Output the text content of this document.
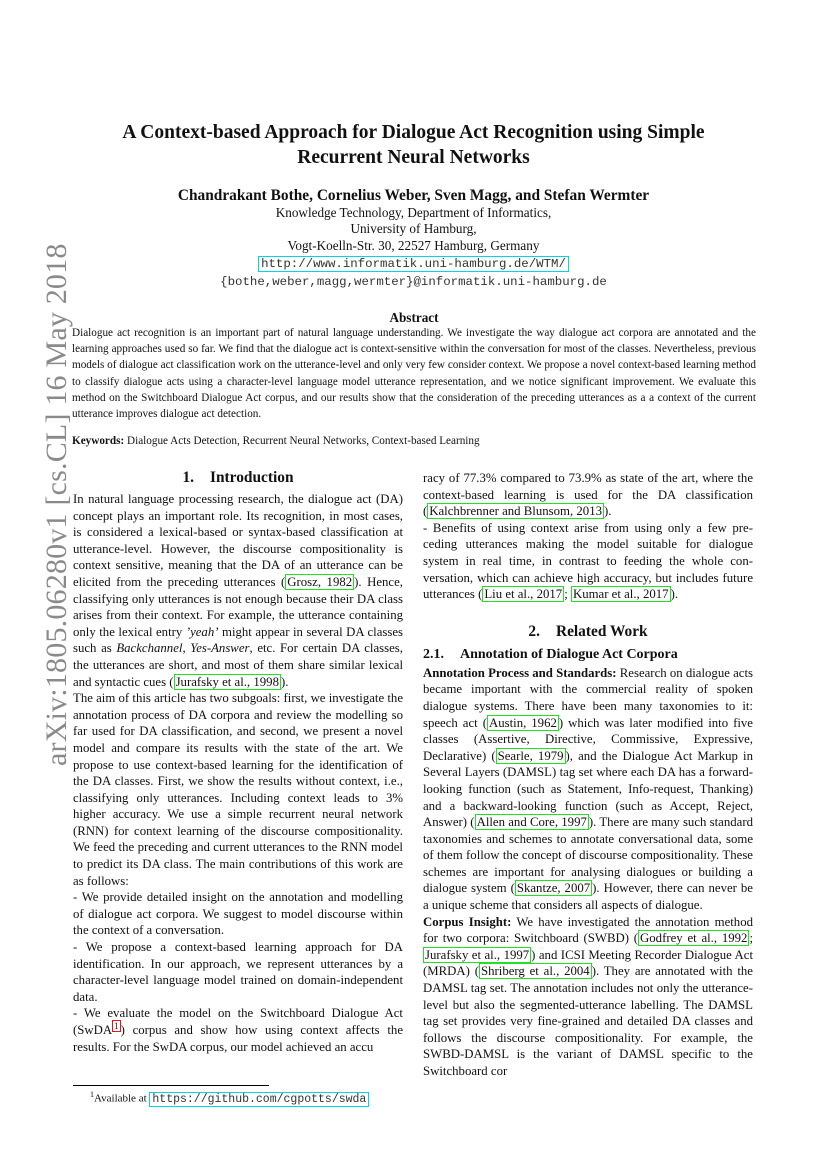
arXiv:1805.06280v1 [cs.CL] 16 May 2018
A Context-based Approach for Dialogue Act Recognition using Simple
Recurrent Neural Networks
Chandrakant Bothe, Cornelius Weber, Sven Magg, and Stefan Wermter
Knowledge Technology, Department of Informatics,
University of Hamburg,
Vogt-Koelln-Str. 30, 22527 Hamburg, Germany
http://www.informatik.uni-hamburg.de/WTM/
{bothe,weber,magg,wermter}@informatik.uni-hamburg.de
Abstract
Dialogue act recognition is an important part of natural language understanding. We investigate the way dialogue act corpora are annotated and the learning approaches used so far. We find that the dialogue act is context-sensitive within the conversation for most of the classes. Nevertheless, previous models of dialogue act classification work on the utterance-level and only very few consider context. We propose a novel context-based learning method to classify dialogue acts using a character-level language model utterance representation, and we notice significant improvement. We evaluate this method on the Switchboard Dialogue Act corpus, and our results show that the consideration of the preceding utterances as a a context of the current utterance improves dialogue act detection.
Keywords: Dialogue Acts Detection, Recurrent Neural Networks, Context-based Learning
1. Introduction

In natural language processing research, the dialogue act (DA) concept plays an important role. Its recognition, in most cases, is considered a lexical-based or syntax-based classification at utterance-level. However, the discourse compositionality is context sensitive, meaning that the DA of an utterance can be elicited from the preceding utterances ( Grosz, 1982 ). Hence, classifying only utterances is not enough because their DA class arises from their context. For example, the utterance containing only the lexical entry ’yeah’ might appear in several DA classes such as Backchannel, Yes-Answer, etc. For certain DA classes, the utterances are short, and most of them share similar lexical and syntactic cues ( Jurafsky et al., 1998 ).

The aim of this article has two subgoals: first, we investigate the annotation process of DA corpora and review the modelling so far used for DA classification, and second, we present a novel model and compare its results with the state of the art. We propose to use context-based learning for the identification of the DA classes. First, we show the results without context, i.e., classifying only utterances. Including context leads to 3% higher accuracy. We use a simple recurrent neural network (RNN) for context learning of the discourse compositionality. We feed the preceding and current utterances to the RNN model to predict its DA class. The main contributions of this work are as follows:

- We provide detailed insight on the annotation and modelling of dialogue act corpora. We suggest to model discourse within the context of a conversation.

- We propose a context-based learning approach for DA identification. In our approach, we represent utterances by a character-level language model trained on domain-independent data.

- We evaluate the model on the Switchboard Dialogue Act (SwDA $^1$ ) corpus and show how using context affects the results. For the SwDA corpus, our model achieved an accu

racy of 77.3% compared to 73.9% as state of the art, where the context-based learning is used for the DA classification ( Kalchbrenner and Blunsom, 2013 ).

- Benefits of using context arise from using only a few preceding utterances making the model suitable for dialogue system in real time, in contrast to feeding the whole conversation, which can achieve high accuracy, but includes future utterances ( Liu et al., 2017 ; Kumar et al., 2017 ).

2. Related Work
2.1. Annotation of Dialogue Act Corpora

Annotation Process and Standards: Research on dialogue acts became important with the commercial reality of spoken dialogue systems. There have been many taxonomies to it: speech act ( Austin, 1962 ) which was later modified into five classes (Assertive, Directive, Commissive, Expressive, Declarative) ( Searle, 1979 ), and the Dialogue Act Markup in Several Layers (DAMSL) tag set where each DA has a forward-looking function (such as Statement, Info-request, Thanking) and a backward-looking function (such as Accept, Reject, Answer) ( Allen and Core, 1997 ). There are many such standard taxonomies and schemes to annotate conversational data, some of them follow the concept of discourse compositionality. These schemes are important for analysing dialogues or building a dialogue system ( Skantze, 2007 ). However, there can never be a unique scheme that considers all aspects of dialogue.

Corpus Insight: We have investigated the annotation method for two corpora: Switchboard (SWBD) ( Godfrey et al., 1992 ; Jurafsky et al., 1997 ) and ICSI Meeting Recorder Dialogue Act (MRDA) ( Shriberg et al., 2004 ). They are annotated with the DAMSL tag set. The annotation includes not only the utterance-level but also the segmented-utterance labelling. The DAMSL tag set provides very fine-grained and detailed DA classes and follows the discourse compositionality. For example, the SWBD-DAMSL is the variant of DAMSL specific to the Switchboard cor

$^1$Available at https://github.com/cgpotts/swda
